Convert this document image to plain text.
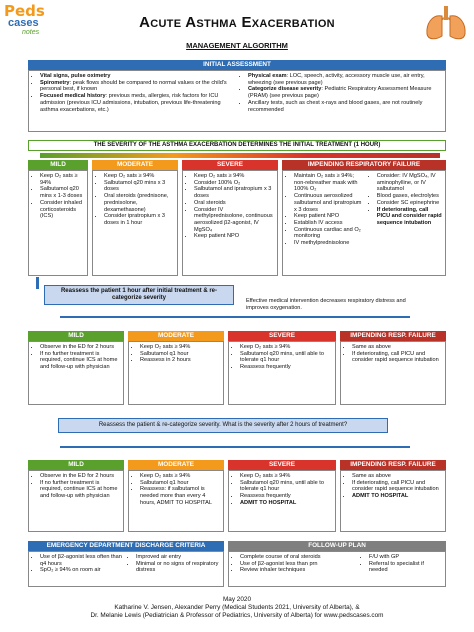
Peds
cases
notes
Acute Asthma Exacerbation
MANAGEMENT ALGORITHM
INITIAL ASSESSMENT
• Vital signs, pulse oximetry
• Spirometry: peak flows should be compared to normal values or the child's personal best, if known
• Focused medical history: previous meds, allergies, risk factors for ICU admission (previous ICU admissions, intubation, previous life-threatening asthma exacerbations, etc.)
• Physical exam: LOC, speech, activity, accessory muscle use, air entry, wheezing (see previous page)
• Categorize disease severity: Pediatric Respiratory Assessment Measure (PRAM) (see previous page)
• Ancillary tests, such as chest x-rays and blood gases, are not routinely recommended
THE SEVERITY OF THE ASTHMA EXACERBATION DETERMINES THE INITIAL TREATMENT (1 HOUR)
MILD
• Keep O₂ sats ≥ 94%
• Salbutamol q20 mins x 1-3 doses
• Consider inhaled corticosteroids (ICS)
MODERATE
• Keep O₂ sats ≥ 94%
• Salbutamol q20 mins x 3 doses
• Oral steroids (prednisone, prednisolone, dexamethasone)
• Consider ipratropium x 3 doses in 1 hour
SEVERE
• Keep O₂ sats ≥ 94%
• Consider 100% O₂
• Salbutamol and ipratropium x 3 doses
• Oral steroids
• Consider IV methylprednisolone, continuous aerosolized β2-agonist, IV MgSO₄
• Keep patient NPO
IMPENDING RESPIRATORY FAILURE
• Maintain O₂ sats ≥ 94%; non-rebreather mask with 100% O₂
• Continuous aerosolized salbutamol and ipratropium x 3 doses
• Keep patient NPO
• Establish IV access
• Continuous cardiac and O₂ monitoring
• IV methylprednisolone
• Consider: IV MgSO₄, IV aminophylline, or IV salbutamol
• Blood gases, electrolytes
• Consider SC epinephrine
• If deteriorating, call PICU and consider rapid sequence intubation
Reassess the patient 1 hour after initial treatment & re-categorize severity	Effective medical intervention decreases respiratory distress and improves oxygenation.
MILD
• Observe in the ED for 2 hours
• If no further treatment is required, continue ICS at home and follow-up with physician
MODERATE
• Keep O₂ sats ≥ 94%
• Salbutamol q1 hour
• Reassess in 2 hours
SEVERE
• Keep O₂ sats ≥ 94%
• Salbutamol q20 mins, until able to tolerate q1 hour
• Reassess frequently
IMPENDING RESP. FAILURE
• Same as above
• If deteriorating, call PICU and consider rapid sequence intubation
Reassess the patient & re-categorize severity. What is the severity after 2 hours of treatment?
MILD
• Observe in the ED for 2 hours
• If no further treatment is required, continue ICS at home and follow-up with physician
MODERATE
• Keep O₂ sats ≥ 94%
• Salbutamol q1 hour
• Reassess: if salbutamol is needed more than every 4 hours, ADMIT TO HOSPITAL
SEVERE
• Keep O₂ sats ≥ 94%
• Salbutamol q20 mins, until able to tolerate q1 hour
• Reassess frequently
• ADMIT TO HOSPITAL
IMPENDING RESP. FAILURE
• Same as above
• If deteriorating, call PICU and consider rapid sequence intubation
• ADMIT TO HOSPITAL
EMERGENCY DEPARTMENT DISCHARGE CRITERIA
• Use of β2-agonist less often than q4 hours
• SpO₂ ≥ 94% on room air
• Improved air entry
• Minimal or no signs of respiratory distress
FOLLOW-UP PLAN
• Complete course of oral steroids
• Use of β2-agonist less than prn
• Review inhaler techniques
• F/U with GP
• Referral to specialist if needed
May 2020
Katharine V. Jensen, Alexander Perry (Medical Students 2021, University of Alberta), &
Dr. Melanie Lewis (Pediatrician & Professor of Pediatrics, University of Alberta) for www.pedscases.com
